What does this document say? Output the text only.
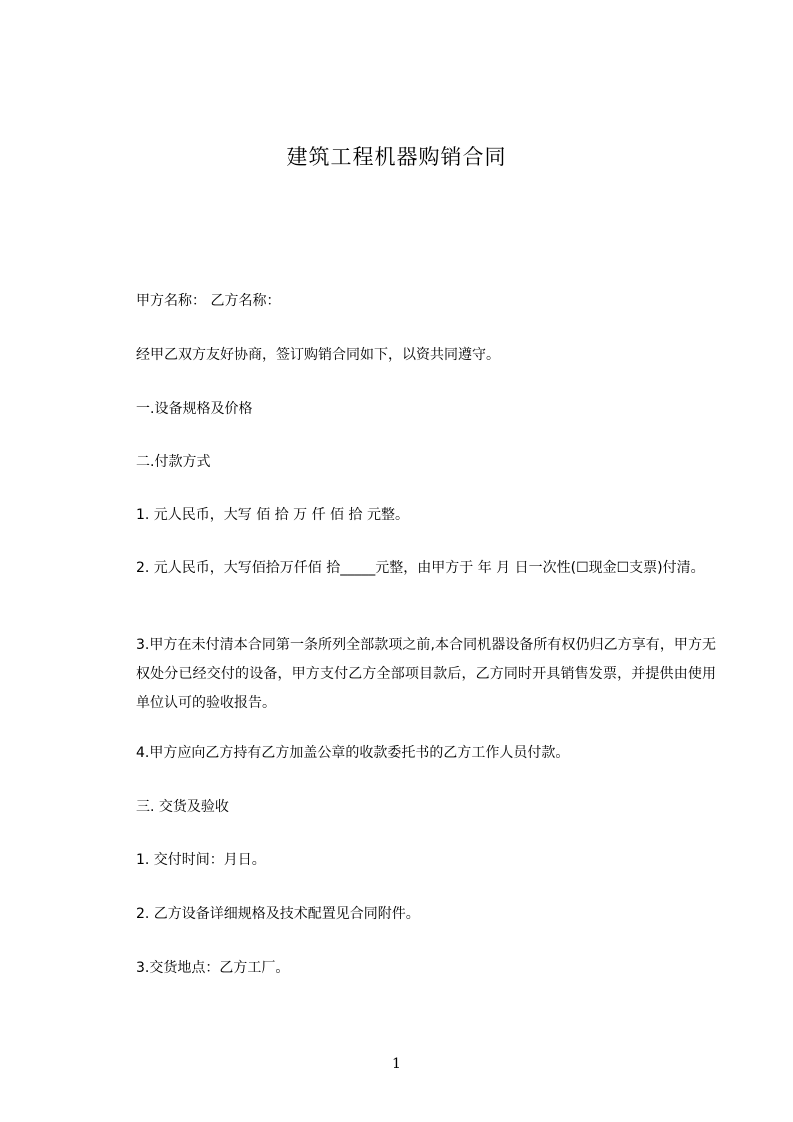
建筑工程机器购销合同
甲方名称： 乙方名称：
经甲乙双方友好协商，签订购销合同如下，以资共同遵守。
一.设备规格及价格
二.付款方式
1. 元人民币，大写 佰 拾 万 仟 佰 拾 元整。
2. 元人民币，大写佰拾万仟佰 拾_____元整，由甲方于 年 月 日一次性(☐现金☐支票)付清。
3.甲方在未付清本合同第一条所列全部款项之前,本合同机器设备所有权仍归乙方享有，甲方无权处分已经交付的设备，甲方支付乙方全部项目款后，乙方同时开具销售发票，并提供由使用单位认可的验收报告。
4.甲方应向乙方持有乙方加盖公章的收款委托书的乙方工作人员付款。
三. 交货及验收
1. 交付时间：月日。
2. 乙方设备详细规格及技术配置见合同附件。
3.交货地点：乙方工厂。
1
